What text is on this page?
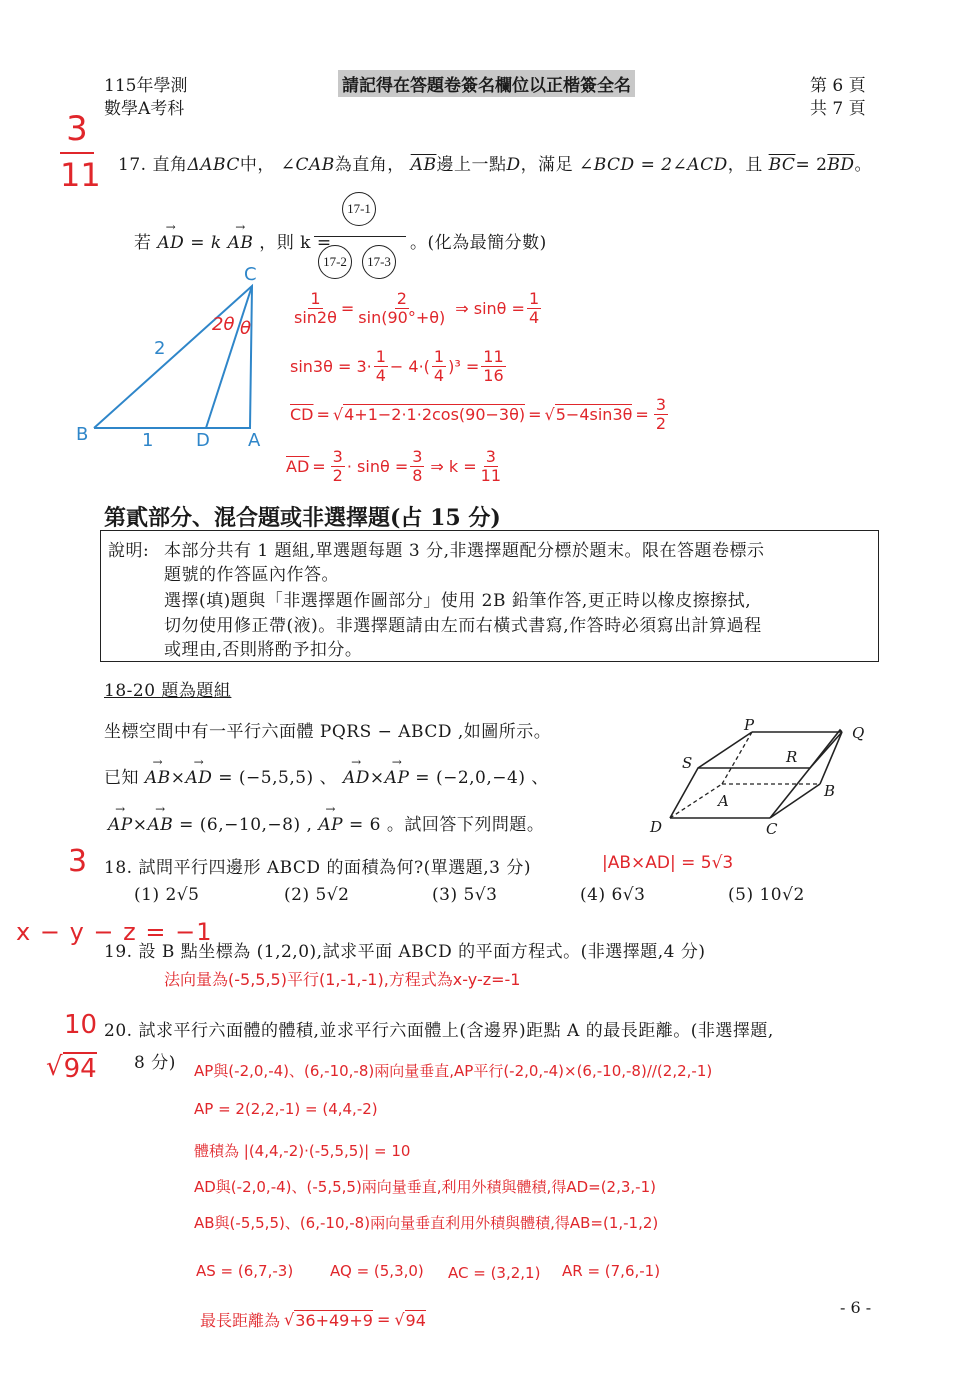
115年學測
數學A考科
請記得在答題卷簽名欄位以正楷簽全名	第 6 頁
共 7 頁
3
11 17. 直角ΔABC中， ∠CAB為直角， $\overline{AB}$邊上一點D，滿足 ∠BCD = 2∠ACD，且 $\overline{BC}= 2\overline{BD}$。
若 → AD = k → AB ，則 k =
17-1
17-2	17-3
。(化為最簡分數)
C
B	D A
2
1
2θ θ
$\frac{1}{\sin 2\theta} = \frac{2}{\sin(90^\circ+\theta)}$ ⇒ $\sin\theta = \frac{1}{4}$
$\sin 3\theta = 3\cdot \frac{1}{4} - 4\cdot( \frac{1}{4} )^3 = \frac{11}{16}$
$\overline{CD}$ = √ 4+1−2·1·2cos(90−3θ) = √ $5-4\sin 3\theta = \frac{3}{2}$
$\overline{AD} = \frac{3}{2} \cdot \sin\theta = \frac{3}{8}$ ⇒ $k = \frac{3}{11}$
第貳部分、混合題或非選擇題(占 15 分)
說明: 本部分共有 1 題組,單選題每題 3 分,非選擇題配分標於題末。限在答題卷標示
題號的作答區內作答。
選擇(填)題與「非選擇題作圖部分」使用 2B 鉛筆作答,更正時以橡皮擦擦拭,
切勿使用修正帶(液)。非選擇題請由左而右橫式書寫,作答時必須寫出計算過程
或理由,否則將酌予扣分。
18-20 題為題組
坐標空間中有一平行六面體 PQRS − ABCD ,如圖所示。
已知 → AB×→ AD = (−5,5,5) 、 → AD×→ AP = (−2,0,−4) 、
→ AP×→ AB = (6,−10,−8) , → AP = 6 。試回答下列問題。
P	Q
R
S
A
B
C
D
3 18. 試問平行四邊形 ABCD 的面積為何?(單選題,3 分)	|AB×AD| = 5√3
(1) 2√5	(2) 5√2	(3) 5√3	(4) 6√3	(5) 10√2
x − y − z = −1
19. 設 B 點坐標為 (1,2,0),試求平面 ABCD 的平面方程式。(非選擇題,4 分)
法向量為(-5,5,5)平行(1,-1,-1),方程式為x-y-z=-1
10
√ 94
20. 試求平行六面體的體積,並求平行六面體上(含邊界)距點 A 的最長距離。(非選擇題,
8 分) AP與(-2,0,-4)、(6,-10,-8)兩向量垂直,AP平行(-2,0,-4)×(6,-10,-8)//(2,2,-1)
AP = 2(2,2,-1) = (4,4,-2)
體積為 |(4,4,-2)·(-5,5,5)| = 10
AD與(-2,0,-4)、(-5,5,5)兩向量垂直,利用外積與體積,得AD=(2,3,-1)
AB與(-5,5,5)、(6,-10,-8)兩向量垂直利用外積與體積,得AB=(1,-1,2)
AS = (6,7,-3) AQ = (5,3,0) AC = (3,2,1) AR = (7,6,-1)
最長距離為 √ 36+49+9 = √ 94
- 6 -
